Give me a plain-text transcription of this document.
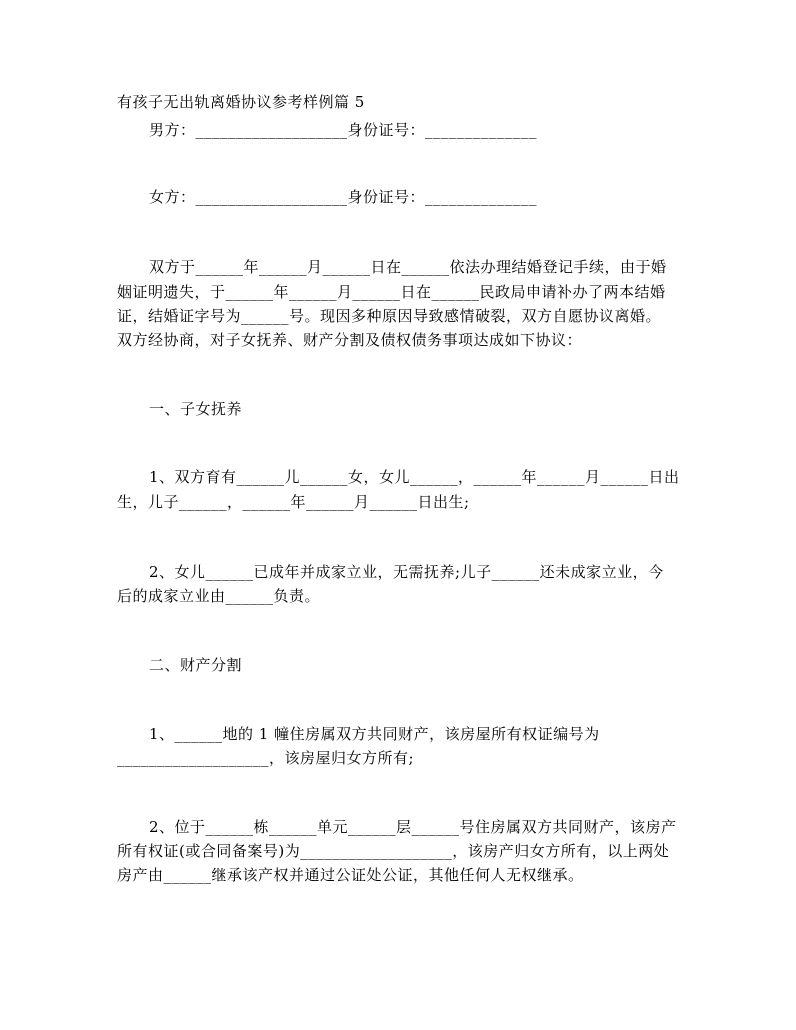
有孩子无出轨离婚协议参考样例篇 5
男方：___________________身份证号：______________
女方：___________________身份证号：______________
双方于______年______月______日在______依法办理结婚登记手续，由于婚
姻证明遗失，于______年______月______日在______民政局申请补办了两本结婚
证，结婚证字号为______号。现因多种原因导致感情破裂，双方自愿协议离婚。
双方经协商，对子女抚养、财产分割及债权债务事项达成如下协议：
一、子女抚养
1、双方育有______儿______女，女儿______，______年______月______日出
生，儿子______，______年______月______日出生;
2、女儿______已成年并成家立业，无需抚养;儿子______还未成家立业，今
后的成家立业由______负责。
二、财产分割
1、______地的 1 幢住房属双方共同财产，该房屋所有权证编号为
___________________，该房屋归女方所有;
2、位于______栋______单元______层______号住房属双方共同财产，该房产
所有权证(或合同备案号)为___________________，该房产归女方所有，以上两处
房产由______继承该产权并通过公证处公证，其他任何人无权继承。
